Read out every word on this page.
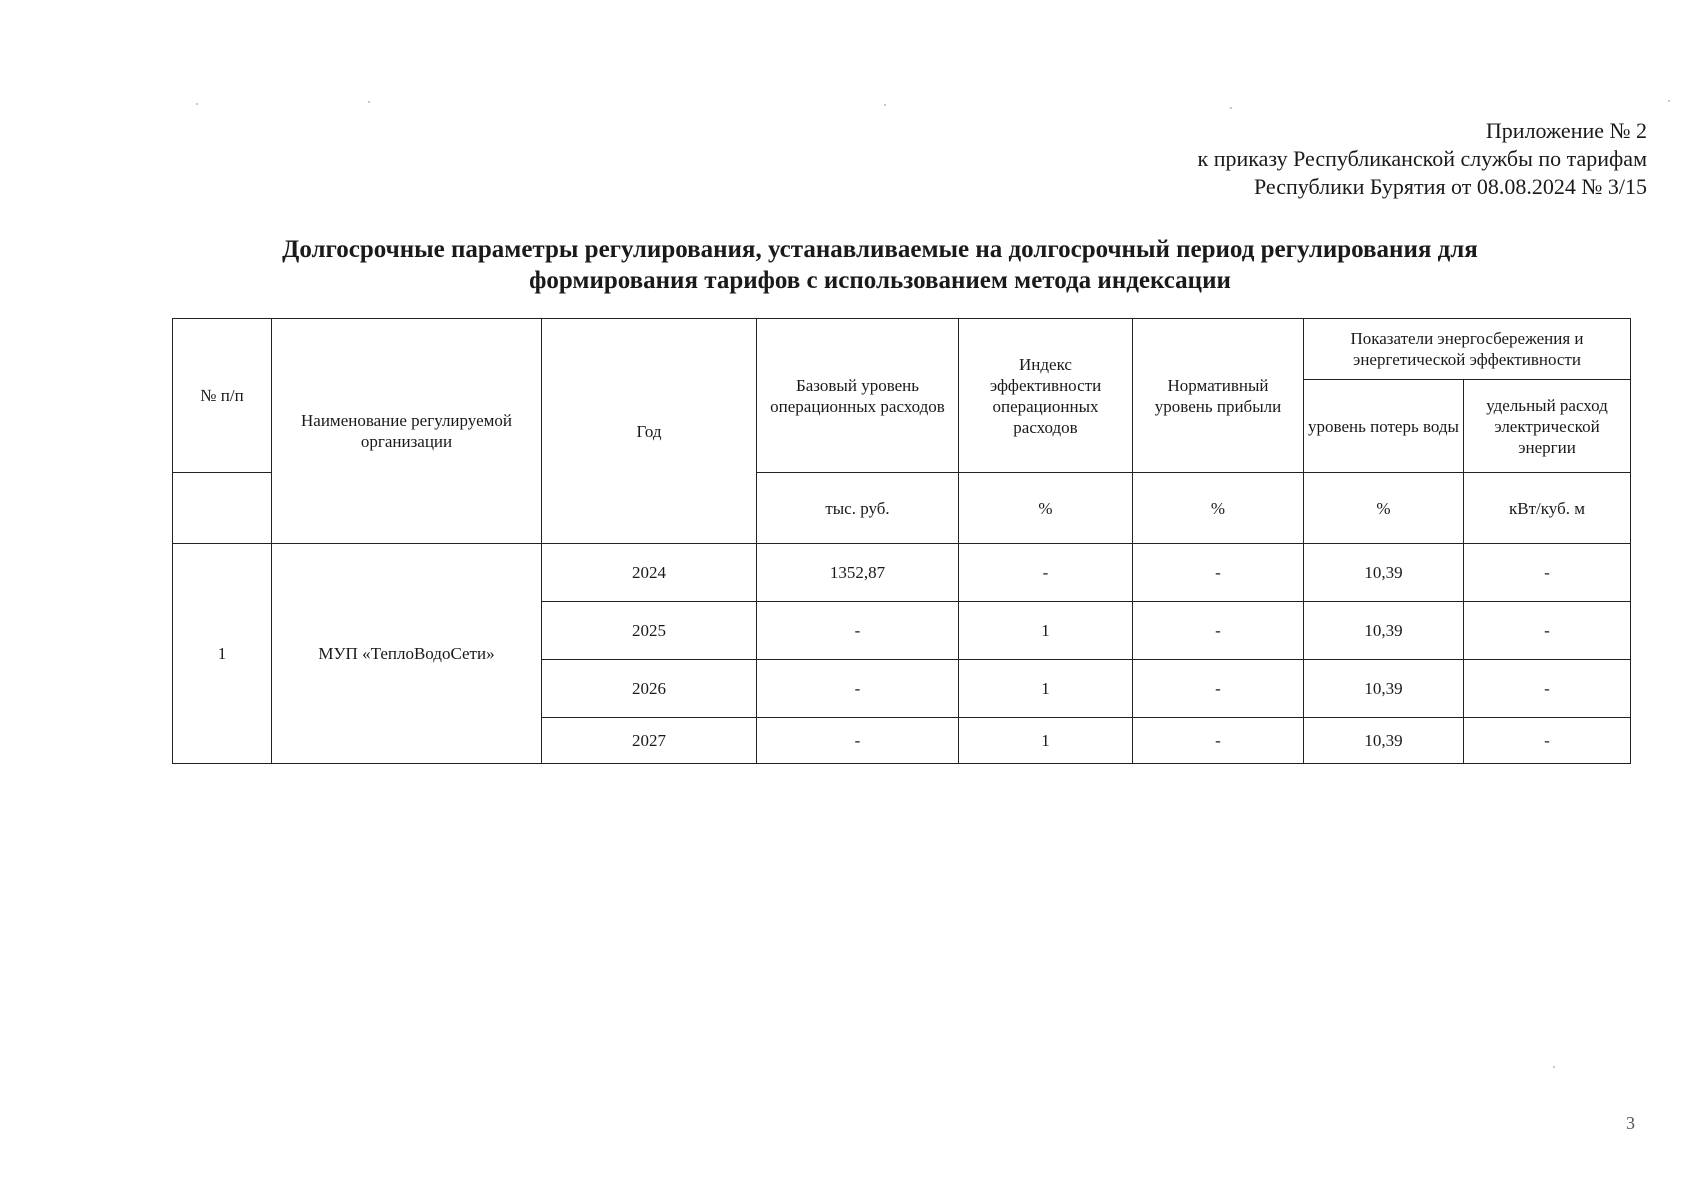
Приложение № 2
к приказу Республиканской службы по тарифам
Республики Бурятия от 08.08.2024 № 3/15
Долгосрочные параметры регулирования, устанавливаемые на долгосрочный период регулирования для
формирования тарифов с использованием метода индексации
№ п/п	Наименование регулируемой организации	Год	Базовый уровень операционных расходов	Индекс эффективности операционных расходов	Нормативный уровень прибыли	Показатели энергосбережения и энергетической эффективности	
						уровень потерь воды	удельный расход электрической энергии
			тыс. руб.	%	%	%	кВт/куб. м
1	МУП «ТеплоВодоСети»	2024	1352,87	-	-	10,39	-
		2025	-	1	-	10,39	-
		2026	-	1	-	10,39	-
		2027	-	1	-	10,39	-
3
